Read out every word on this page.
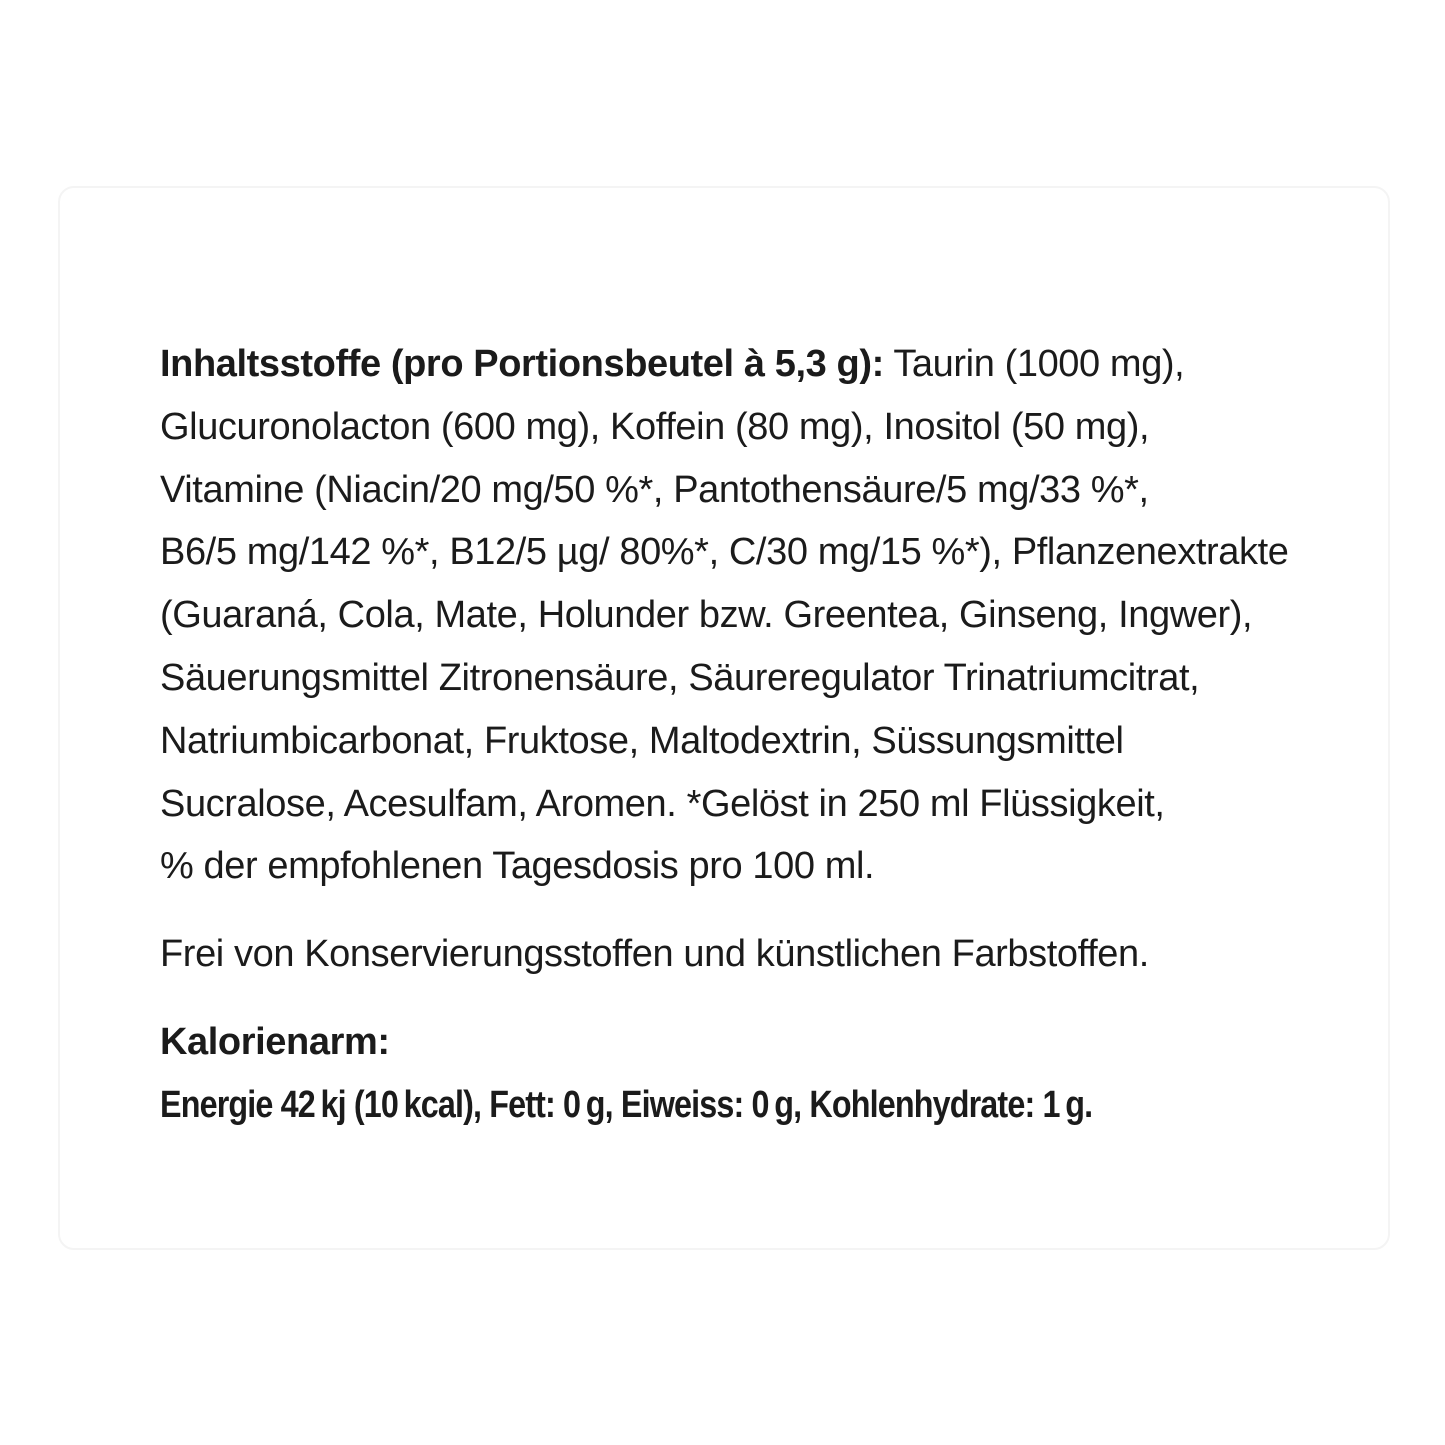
Inhaltsstoffe (pro Portionsbeutel à 5,3 g): Taurin (1000 mg),
Glucuronolacton (600 mg), Koffein (80 mg), Inositol (50 mg),
Vitamine (Niacin/20 mg/50 %*, Pantothensäure/5 mg/33 %*,
B6/5 mg/142 %*, B12/5 µg/ 80%*, C/30 mg/15 %*), Pflanzenextrakte
(Guaraná, Cola, Mate, Holunder bzw. Greentea, Ginseng, Ingwer),
Säuerungsmittel Zitronensäure, Säureregulator Trinatriumcitrat,
Natriumbicarbonat, Fruktose, Maltodextrin, Süssungsmittel
Sucralose, Acesulfam, Aromen. *Gelöst in 250 ml Flüssigkeit,
% der empfohlenen Tagesdosis pro 100 ml.
Frei von Konservierungsstoffen und künstlichen Farbstoffen.
Kalorienarm:
Energie 42 kj (10 kcal), Fett: 0 g, Eiweiss: 0 g, Kohlenhydrate: 1 g.
